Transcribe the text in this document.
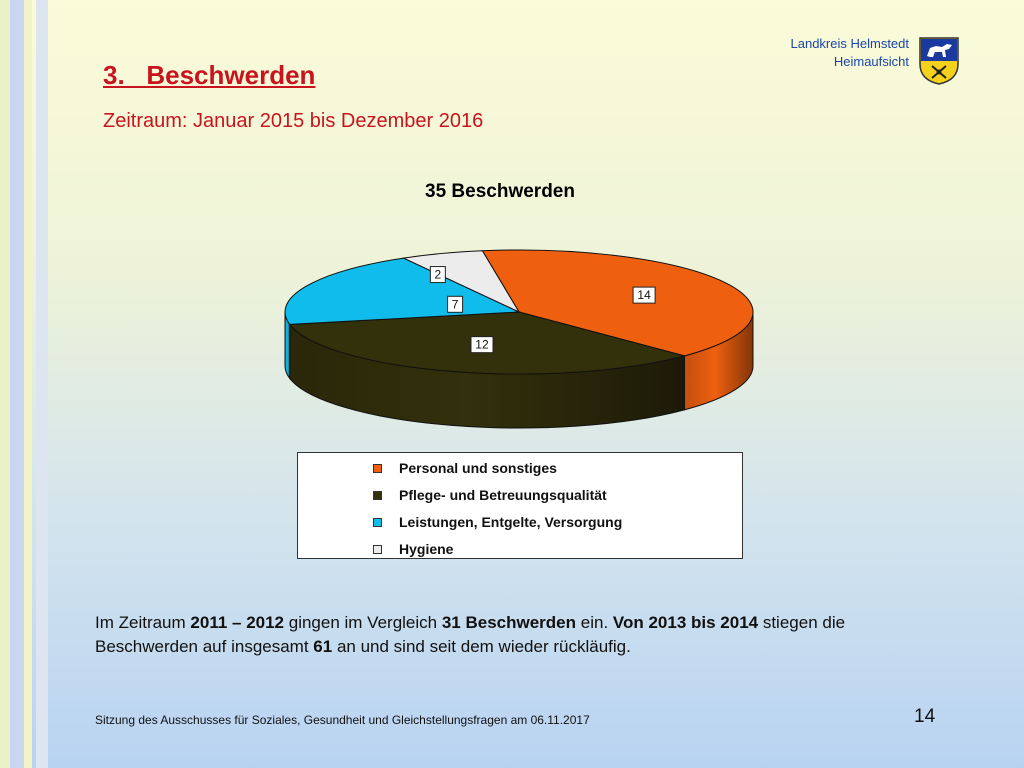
3.   Beschwerden

Zeitraum: Januar 2015 bis Dezember 2016

Landkreis Helmstedt
Heimaufsicht
35 Beschwerden
14
12
7
2
Personal und sonstiges
Pflege- und Betreuungsqualität
Leistungen, Entgelte, Versorgung
Hygiene
Im Zeitraum 2011 – 2012 gingen im Vergleich 31 Beschwerden ein. Von 2013 bis 2014 stiegen die
Beschwerden auf insgesamt 61 an und sind seit dem wieder rückläufig.
Sitzung des Ausschusses für Soziales, Gesundheit und Gleichstellungsfragen am 06.11.2017	14
